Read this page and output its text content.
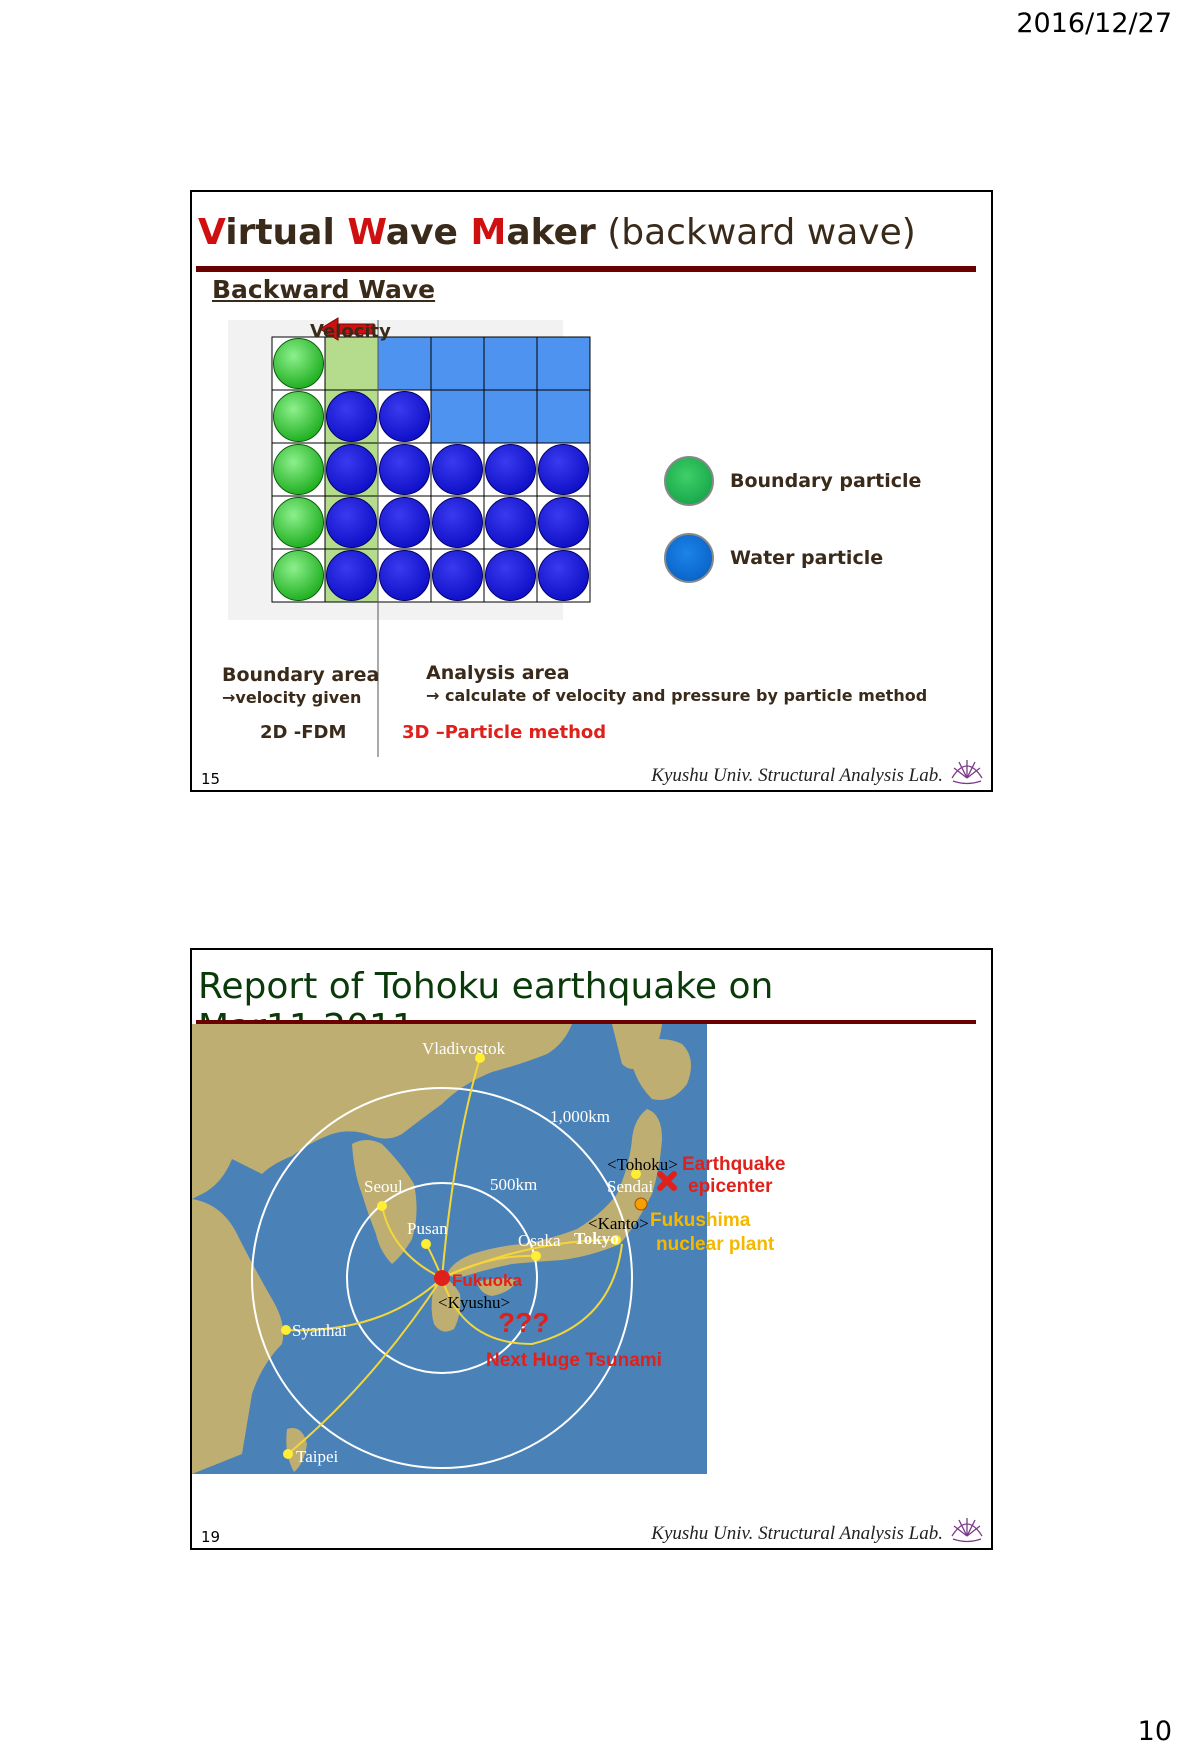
2016/12/27
Virtual Wave Maker (backward wave)
Backward Wave
Velocity
Boundary particle
Water particle
Boundary area
→velocity given
2D -FDM
Analysis area
→ calculate of velocity and pressure by particle method
3D –Particle method
15	Kyushu Univ. Structural Analysis Lab.
Report of Tohoku earthquake on
Vladivostok
Seoul
Pusan
Fukuoka
Osaka Tokyo
Sendai
Syanhai
Taipei
<Tohoku>
<Kanto>
<Kyushu>
1,000km
500km
Earthquake
epicenter
Fukushima
nuclear plant
???
Next Huge Tsunami
19	Kyushu Univ. Structural Analysis Lab.
10
